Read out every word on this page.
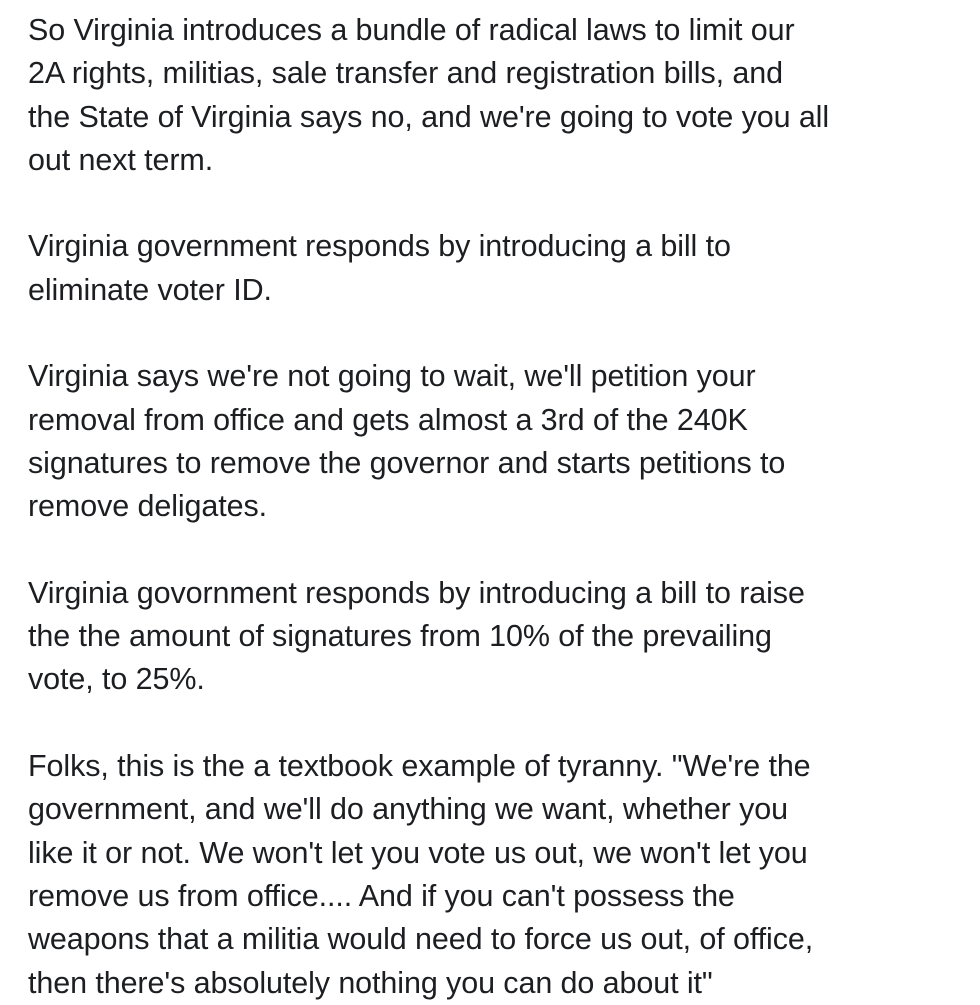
So Virginia introduces a bundle of radical laws to limit our
2A rights, militias, sale transfer and registration bills, and
the State of Virginia says no, and we're going to vote you all
out next term.

Virginia government responds by introducing a bill to
eliminate voter ID.

Virginia says we're not going to wait, we'll petition your
removal from office and gets almost a 3rd of the 240K
signatures to remove the governor and starts petitions to
remove deligates.

Virginia govornment responds by introducing a bill to raise
the the amount of signatures from 10% of the prevailing
vote, to 25%.

Folks, this is the a textbook example of tyranny. "We're the
government, and we'll do anything we want, whether you
like it or not. We won't let you vote us out, we won't let you
remove us from office.... And if you can't possess the
weapons that a militia would need to force us out, of office,
then there's absolutely nothing you can do about it"
